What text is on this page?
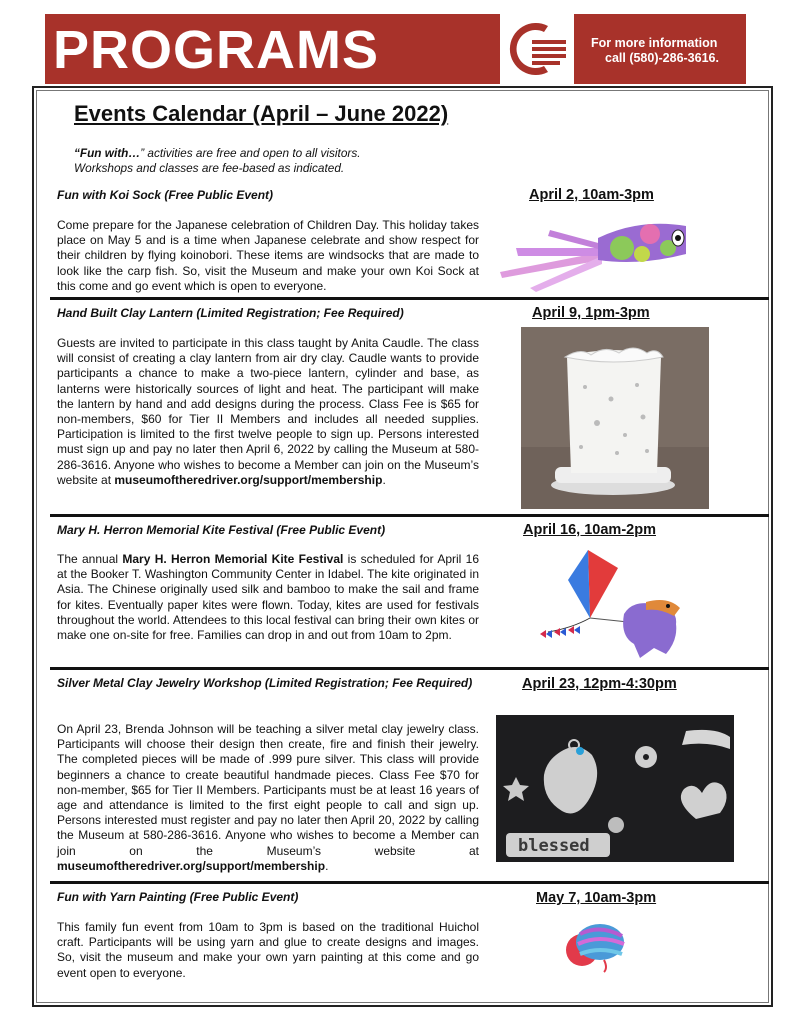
PROGRAMS	For more information
call (580)-286-3616.
Events Calendar (April – June 2022)
“Fun with…” activities are free and open to all visitors.
Workshops and classes are fee-based as indicated.
Fun with Koi Sock (Free Public Event)	April 2, 10am-3pm
Come prepare for the Japanese celebration of Children Day. This holiday takes place on May 5 and is a time when Japanese celebrate and show respect for their children by flying koinobori. These items are windsocks that are made to look like the carp fish. So, visit the Museum and make your own Koi Sock at this come and go event which is open to everyone.
Hand Built Clay Lantern (Limited Registration; Fee Required)	April 9, 1pm-3pm
Guests are invited to participate in this class taught by Anita Caudle. The class will consist of creating a clay lantern from air dry clay. Caudle wants to provide participants a chance to make a two-piece lantern, cylinder and base, as lanterns were historically sources of light and heat. The participant will make the lantern by hand and add designs during the process. Class Fee is $65 for non-members, $60 for Tier II Members and includes all needed supplies. Participation is limited to the first twelve people to sign up. Persons interested must sign up and pay no later then April 6, 2022 by calling the Museum at 580-286-3616. Anyone who wishes to become a Member can join on the Museum’s website at museumoftheredriver.org/support/membership.
Mary H. Herron Memorial Kite Festival (Free Public Event)	April 16, 10am-2pm
The annual Mary H. Herron Memorial Kite Festival is scheduled for April 16 at the Booker T. Washington Community Center in Idabel. The kite originated in Asia. The Chinese originally used silk and bamboo to make the sail and frame for kites. Eventually paper kites were flown. Today, kites are used for festivals throughout the world. Attendees to this local festival can bring their own kites or make one on-site for free. Families can drop in and out from 10am to 2pm.
Silver Metal Clay Jewelry Workshop (Limited Registration; Fee Required)	April 23, 12pm-4:30pm
On April 23, Brenda Johnson will be teaching a silver metal clay jewelry class. Participants will choose their design then create, fire and finish their jewelry. The completed pieces will be made of .999 pure silver. This class will provide beginners a chance to create beautiful handmade pieces. Class Fee $70 for non-member, $65 for Tier II Members. Participants must be at least 16 years of age and attendance is limited to the first eight people to call and sign up. Persons interested must register and pay no later then April 20, 2022 by calling the Museum at 580-286-3616. Anyone who wishes to become a Member can join on the Museum’s website at museumoftheredriver.org/support/membership.
blessed
Fun with Yarn Painting (Free Public Event)	May 7, 10am-3pm
This family fun event from 10am to 3pm is based on the traditional Huichol craft. Participants will be using yarn and glue to create designs and images. So, visit the museum and make your own yarn painting at this come and go event open to everyone.
